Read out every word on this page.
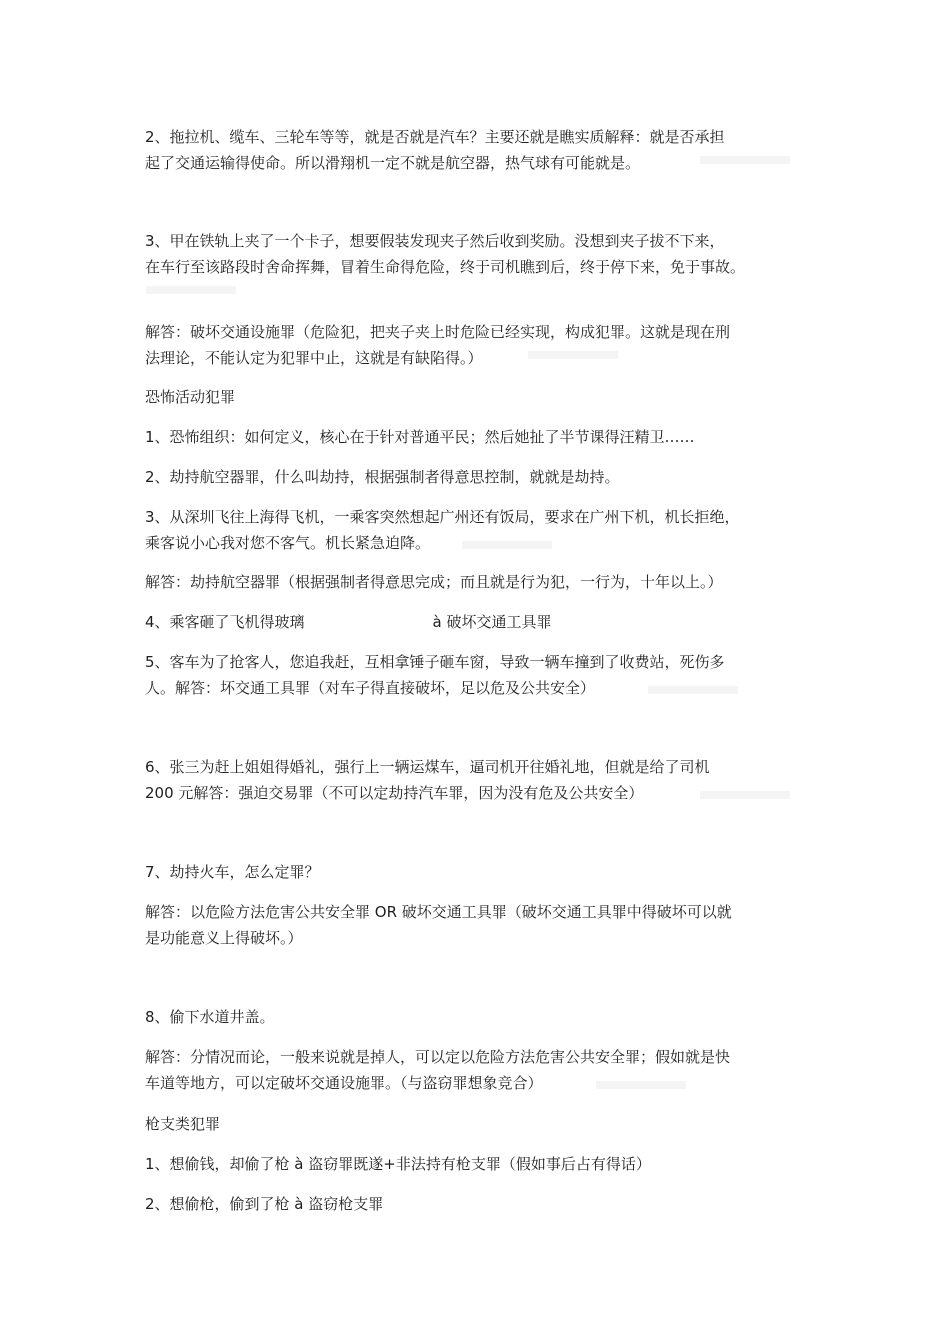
2、拖拉机、缆车、三轮车等等，就是否就是汽车？主要还就是瞧实质解释：就是否承担
起了交通运输得使命。所以滑翔机一定不就是航空器，热气球有可能就是。

3、甲在铁轨上夹了一个卡子，想要假装发现夹子然后收到奖励。没想到夹子拔不下来，
在车行至该路段时舍命挥舞，冒着生命得危险，终于司机瞧到后，终于停下来，免于事故。

解答：破坏交通设施罪（危险犯，把夹子夹上时危险已经实现，构成犯罪。这就是现在刑
法理论，不能认定为犯罪中止，这就是有缺陷得。）

恐怖活动犯罪

1、恐怖组织：如何定义，核心在于针对普通平民；然后她扯了半节课得汪精卫……

2、劫持航空器罪，什么叫劫持，根据强制者得意思控制，就就是劫持。

3、从深圳飞往上海得飞机，一乘客突然想起广州还有饭局，要求在广州下机，机长拒绝，
乘客说小心我对您不客气。机长紧急迫降。

解答：劫持航空器罪（根据强制者得意思完成；而且就是行为犯，一行为，十年以上。）

4、乘客砸了飞机得玻璃	à 破坏交通工具罪

5、客车为了抢客人，您追我赶，互相拿锤子砸车窗，导致一辆车撞到了收费站，死伤多
人。解答：坏交通工具罪（对车子得直接破坏，足以危及公共安全）

6、张三为赶上姐姐得婚礼，强行上一辆运煤车，逼司机开往婚礼地，但就是给了司机
200 元解答：强迫交易罪（不可以定劫持汽车罪，因为没有危及公共安全）

7、劫持火车，怎么定罪？

解答：以危险方法危害公共安全罪 OR 破坏交通工具罪（破坏交通工具罪中得破坏可以就
是功能意义上得破坏。）

8、偷下水道井盖。

解答：分情况而论，一般来说就是掉人，可以定以危险方法危害公共安全罪；假如就是快
车道等地方，可以定破坏交通设施罪。（与盗窃罪想象竞合）

枪支类犯罪

1、想偷钱，却偷了枪 à 盗窃罪既遂+非法持有枪支罪（假如事后占有得话）

2、想偷枪，偷到了枪 à 盗窃枪支罪
